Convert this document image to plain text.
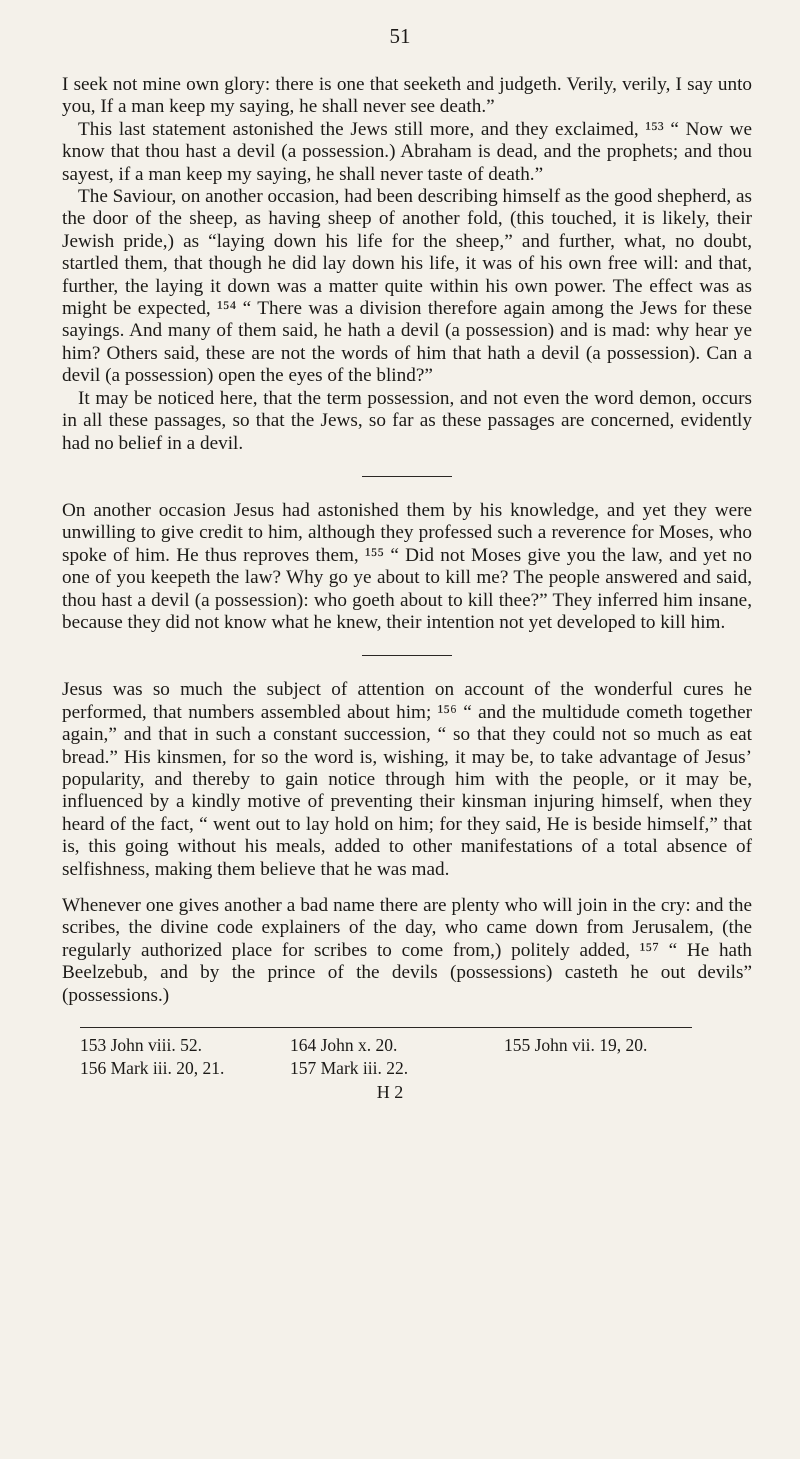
51

I seek not mine own glory: there is one that seeketh and judgeth. Verily, verily, I say unto you, If a man keep my saying, he shall never see death.”

This last statement astonished the Jews still more, and they exclaimed, ¹⁵³ “ Now we know that thou hast a devil (a possession.) Abraham is dead, and the prophets; and thou sayest, if a man keep my saying, he shall never taste of death.”

The Saviour, on another occasion, had been describing himself as the good shepherd, as the door of the sheep, as having sheep of another fold, (this touched, it is likely, their Jewish pride,) as “laying down his life for the sheep,” and further, what, no doubt, startled them, that though he did lay down his life, it was of his own free will: and that, further, the laying it down was a matter quite within his own power. The effect was as might be expected, ¹⁵⁴ “ There was a division therefore again among the Jews for these sayings. And many of them said, he hath a devil (a possession) and is mad: why hear ye him? Others said, these are not the words of him that hath a devil (a possession). Can a devil (a possession) open the eyes of the blind?”

It may be noticed here, that the term possession, and not even the word demon, occurs in all these passages, so that the Jews, so far as these passages are concerned, evidently had no belief in a devil.

On another occasion Jesus had astonished them by his knowledge, and yet they were unwilling to give credit to him, although they professed such a reverence for Moses, who spoke of him. He thus reproves them, ¹⁵⁵ “ Did not Moses give you the law, and yet no one of you keepeth the law? Why go ye about to kill me? The people answered and said, thou hast a devil (a possession): who goeth about to kill thee?” They inferred him insane, because they did not know what he knew, their intention not yet developed to kill him.

Jesus was so much the subject of attention on account of the wonderful cures he performed, that numbers assembled about him; ¹⁵⁶ “ and the multidude cometh together again,” and that in such a constant succession, “ so that they could not so much as eat bread.” His kinsmen, for so the word is, wishing, it may be, to take advantage of Jesus’ popularity, and thereby to gain notice through him with the people, or it may be, influenced by a kindly motive of preventing their kinsman injuring himself, when they heard of the fact, “ went out to lay hold on him; for they said, He is beside himself,” that is, this going without his meals, added to other manifestations of a total absence of selfishness, making them believe that he was mad.

Whenever one gives another a bad name there are plenty who will join in the cry: and the scribes, the divine code explainers of the day, who came down from Jerusalem, (the regularly authorized place for scribes to come from,) politely added, ¹⁵⁷ “ He hath Beelzebub, and by the prince of the devils (possessions) casteth he out devils” (possessions.)

153 John viii. 52.	164 John x. 20.	155 John vii. 19, 20.
156 Mark iii. 20, 21.	157 Mark iii. 22.
H 2
